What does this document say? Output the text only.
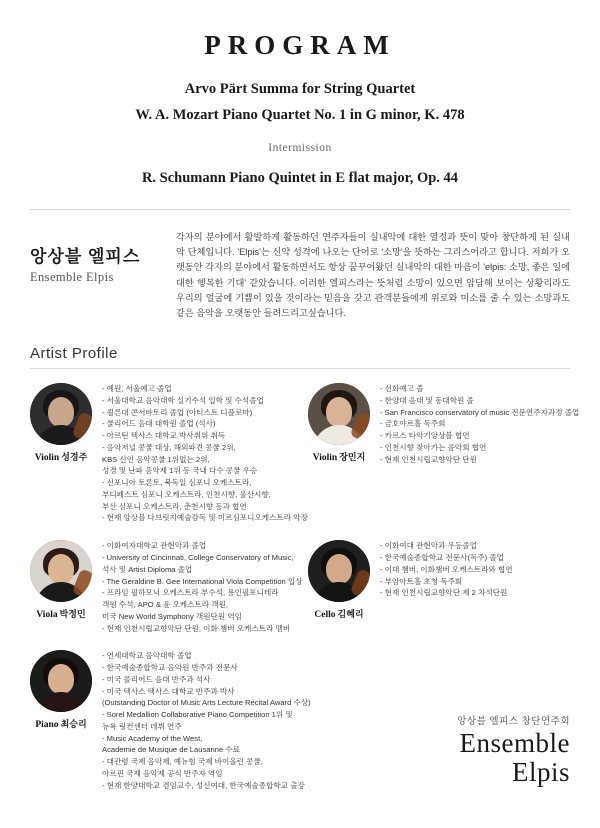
PROGRAM
Arvo Pärt Summa for String Quartet
W. A. Mozart Piano Quartet No. 1 in G minor, K. 478
Intermission
R. Schumann Piano Quintet in E flat major, Op. 44
앙상블 엘피스
Ensemble Elpis
각자의 분야에서 활발하게 활동하던 연주자들이 실내악에 대한 열정과 뜻이 맞아 창단하게 된 실내악 단체입니다. 'Elpis'는 신약 성격에 나오는 단어로 '소망'을 뜻하는 그리스어라고 합니다. 저희가 오랫동안 각자의 분야에서 활동하면서도 항상 꿈꾸어왔던 실내악의 대한 마음이 'elpis: 소망, 좋은 일에 대한 행복한 기대' 같았습니다. 이러한 엘피스라는 뜻처럼 소망이 있으면 암담해 보이는 상황리라도 우리의 얼굴에 기쁨이 있을 것이라는 믿음을 갖고 관객분들에게 위로와 미소를 줄 수 있는 소망과도 같은 음악을 오랫동안 들려드리고싶습니다.
Artist Profile
Violin 성경주
- 예원, 서울예고 졸업
- 서울대학교 음악대학 실기수석 입학 및 수석졸업
- 쾰른대 콘서바토리 졸업 (아티스트 디플로마)
- 쿨리어드 음대 대학원 졸업 (석사)
- 아르틴 텍사스 대학교 박사취위 취득
- 음악저널 콩쿨 대상, 해외파견 콩쿨 2위,
KBS 신인 음악콩쿨 1위없는 2위,
성경 및 난파 음악제 1위 등 국내 다수 콩쿨 우승
- 신포니아 토론토, 북독일 심포니 오케스트라,
부디페스트 심포니 오케스트라, 인천시향, 울산시향,
부산 심포니 오케스트라, 춘천시향 등과 협연
- 현재 앙상블 다브릿지예술감독 및 미르심포니오케스트라 악장
Violin 장민지
- 선화예고 졸
- 한양대 음대 및 동대학원 졸
- San Francisco conservatory of music 전문연주자과정 졸업
- 금호야르홀 독주회
- 카르스 타악기앙상블 협연
- 인천시향 찾아가는 음악회 협연
- 현재 인천시립교향악단 단원
Viola 박정민
- 이화여자대학교 관현악과 졸업
- University of Cincinnati, College Conservatory of Music,
석사 및 Artist Diploma 졸업
- The Geraldine B. Gee International Viola Competition 입상
- 프라임 필하모닉 오케스트라 부수석, 용인필포니테라
객원 수석, APO & 윤 오케스트라 객원,
미국 New World Symphony 객원단원 역임
- 현재 인천시립교향악단 단원, 이화 챔버 오케스트라 멤버
Cello 김혜리
- 이화여대 관현악과 우등졸업
- 한국예술종합학교 전문사(독주) 졸업
- 이대 챔버, 이화챔버 오케스트라와 협연
- 부암아트홀 초청 독주회
- 현재 인천시립교향악단 제 2 차석단원
Piano 최승리
- 연세대학교 음악대학 졸업
- 한국예술종합학교 음악원 반주과 전문사
- 미국 콜리어드 음대 반주과 석사
- 미국 텍사스 텍사스 대학교 반주과 박사
(Outstanding Doctor of Music Arts Lecture Recital Award 수상)
- Sorel Medallion Collaborative Piano Competition 1위 및
뉴욕 링컨센터 데뷔 연주
- Music Academy of the West,
Academie de Musique de Lausanne 수료
- 대관령 국제 음악제, 예뉴힘 국제 바이올린 콩쿨,
아르핀 국제 음악제 공식 반주자 역임
- 현재 한양대학교 겸임교수, 성신여대, 한국예술종합학교 출강
앙상블 엘피스 창단연주회
Ensemble
Elpis
